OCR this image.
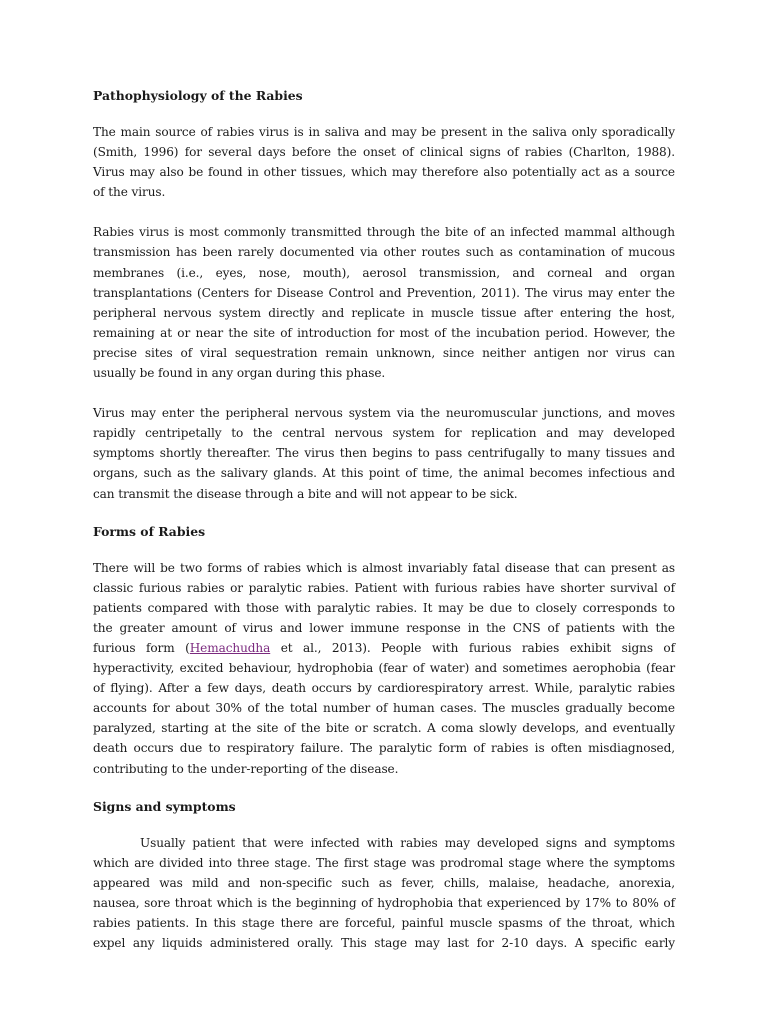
Pathophysiology of the Rabies

The main source of rabies virus is in saliva and may be present in the saliva only sporadically
(Smith, 1996) for several days before the onset of clinical signs of rabies (Charlton, 1988).
Virus may also be found in other tissues, which may therefore also potentially act as a source
of the virus.

Rabies virus is most commonly transmitted through the bite of an infected mammal although
transmission has been rarely documented via other routes such as contamination of mucous
membranes (i.e., eyes, nose, mouth), aerosol transmission, and corneal and organ
transplantations (Centers for Disease Control and Prevention, 2011). The virus may enter the
peripheral nervous system directly and replicate in muscle tissue after entering the host,
remaining at or near the site of introduction for most of the incubation period. However, the
precise sites of viral sequestration remain unknown, since neither antigen nor virus can
usually be found in any organ during this phase.

Virus may enter the peripheral nervous system via the neuromuscular junctions, and moves
rapidly centripetally to the central nervous system for replication and may developed
symptoms shortly thereafter. The virus then begins to pass centrifugally to many tissues and
organs, such as the salivary glands. At this point of time, the animal becomes infectious and
can transmit the disease through a bite and will not appear to be sick.

Forms of Rabies

There will be two forms of rabies which is almost invariably fatal disease that can present as
classic furious rabies or paralytic rabies. Patient with furious rabies have shorter survival of
patients compared with those with paralytic rabies. It may be due to closely corresponds to
the greater amount of virus and lower immune response in the CNS of patients with the
furious form (Hemachudha et al., 2013). People with furious rabies exhibit signs of
hyperactivity, excited behaviour, hydrophobia (fear of water) and sometimes aerophobia (fear
of flying). After a few days, death occurs by cardiorespiratory arrest. While, paralytic rabies
accounts for about 30% of the total number of human cases. The muscles gradually become
paralyzed, starting at the site of the bite or scratch. A coma slowly develops, and eventually
death occurs due to respiratory failure. The paralytic form of rabies is often misdiagnosed,
contributing to the under-reporting of the disease.

Signs and symptoms

Usually patient that were infected with rabies may developed signs and symptoms
which are divided into three stage. The first stage was prodromal stage where the symptoms
appeared was mild and non-specific such as fever, chills, malaise, headache, anorexia,
nausea, sore throat which is the beginning of hydrophobia that experienced by 17% to 80% of
rabies patients. In this stage there are forceful, painful muscle spasms of the throat, which
expel any liquids administered orally. This stage may last for 2-10 days. A specific early
